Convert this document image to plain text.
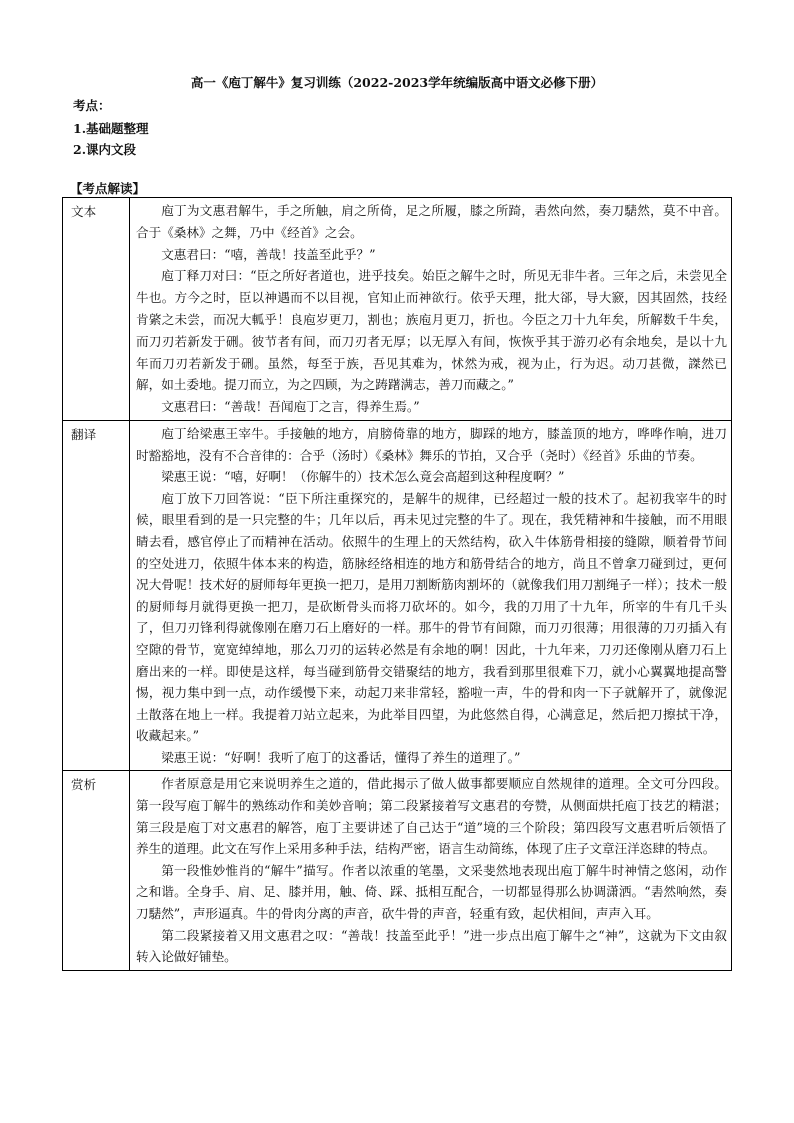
高一《庖丁解牛》复习训练（2022-2023学年统编版高中语文必修下册）
考点：
1.基础题整理
2.课内文段
【考点解读】
文本	庖丁为文惠君解牛，手之所触，肩之所倚，足之所履，膝之所踦，砉然向然，奏刀騞然，莫不中音。合于《桑林》之舞，乃中《经首》之会。

文惠君曰：“嘻，善哉！技盖至此乎？”

庖丁释刀对曰：“臣之所好者道也，进乎技矣。始臣之解牛之时，所见无非牛者。三年之后，未尝见全牛也。方今之时，臣以神遇而不以目视，官知止而神欲行。依乎天理，批大郤，导大窾，因其固然，技经肯綮之未尝，而况大軱乎！良庖岁更刀，割也；族庖月更刀，折也。今臣之刀十九年矣，所解数千牛矣，而刀刃若新发于硎。彼节者有间，而刀刃者无厚；以无厚入有间，恢恢乎其于游刃必有余地矣，是以十九年而刀刃若新发于硎。虽然，每至于族，吾见其难为，怵然为戒，视为止，行为迟。动刀甚微，謋然已解，如土委地。提刀而立，为之四顾，为之踌躇满志，善刀而藏之。”

文惠君曰：“善哉！吾闻庖丁之言，得养生焉。”

翻译	庖丁给梁惠王宰牛。手接触的地方，肩膀倚靠的地方，脚踩的地方，膝盖顶的地方，哗哗作响，进刀时豁豁地，没有不合音律的：合乎（汤时）《桑林》舞乐的节拍，又合乎（尧时）《经首》乐曲的节奏。

梁惠王说：“嘻，好啊！（你解牛的）技术怎么竟会高超到这种程度啊？”

庖丁放下刀回答说：“臣下所注重探究的，是解牛的规律，已经超过一般的技术了。起初我宰牛的时候，眼里看到的是一只完整的牛；几年以后，再未见过完整的牛了。现在，我凭精神和牛接触，而不用眼睛去看，感官停止了而精神在活动。依照牛的生理上的天然结构，砍入牛体筋骨相接的缝隙，顺着骨节间的空处进刀，依照牛体本来的构造，筋脉经络相连的地方和筋骨结合的地方，尚且不曾拿刀碰到过，更何况大骨呢！技术好的厨师每年更换一把刀，是用刀割断筋肉割坏的（就像我们用刀割绳子一样）；技术一般的厨师每月就得更换一把刀，是砍断骨头而将刀砍坏的。如今，我的刀用了十九年，所宰的牛有几千头了，但刀刃锋利得就像刚在磨刀石上磨好的一样。那牛的骨节有间隙，而刀刃很薄；用很薄的刀刃插入有空隙的骨节，宽宽绰绰地，那么刀刃的运转必然是有余地的啊！因此，十九年来，刀刃还像刚从磨刀石上磨出来的一样。即使是这样，每当碰到筋骨交错聚结的地方，我看到那里很难下刀，就小心翼翼地提高警惕，视力集中到一点，动作缓慢下来，动起刀来非常轻，豁啦一声，牛的骨和肉一下子就解开了，就像泥土散落在地上一样。我提着刀站立起来，为此举目四望，为此悠然自得，心满意足，然后把刀擦拭干净，收藏起来。”

梁惠王说：“好啊！我听了庖丁的这番话，懂得了养生的道理了。”

赏析	作者原意是用它来说明养生之道的，借此揭示了做人做事都要顺应自然规律的道理。全文可分四段。第一段写庖丁解牛的熟练动作和美妙音响；第二段紧接着写文惠君的夸赞，从侧面烘托庖丁技艺的精湛；第三段是庖丁对文惠君的解答，庖丁主要讲述了自己达于“道”境的三个阶段；第四段写文惠君听后领悟了养生的道理。此文在写作上采用多种手法，结构严密，语言生动简练，体现了庄子文章汪洋恣肆的特点。

第一段惟妙惟肖的“解牛”描写。作者以浓重的笔墨，文采斐然地表现出庖丁解牛时神情之悠闲，动作之和谐。全身手、肩、足、膝并用，触、倚、踩、抵相互配合，一切都显得那么协调潇洒。“砉然响然，奏刀騞然”，声形逼真。牛的骨肉分离的声音，砍牛骨的声音，轻重有致，起伏相间，声声入耳。

第二段紧接着又用文惠君之叹：“善哉！技盖至此乎！”进一步点出庖丁解牛之“神”，这就为下文由叙转入论做好铺垫。
